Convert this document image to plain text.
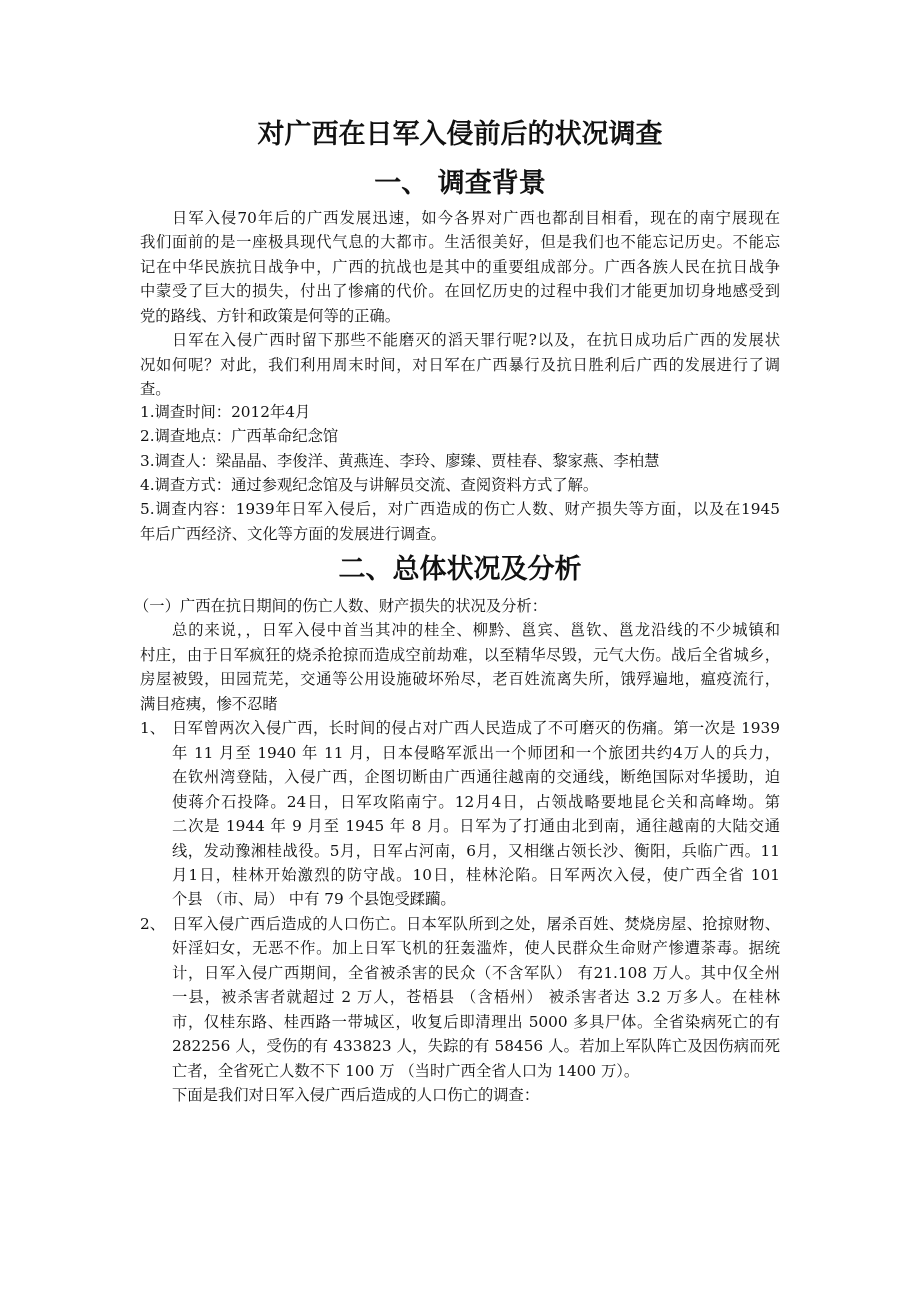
对广西在日军入侵前后的状况调查
一、 调查背景
二、总体状况及分析
日军入侵70年后的广西发展迅速，如今各界对广西也都刮目相看，现在的南宁展现在
我们面前的是一座极具现代气息的大都市。生活很美好，但是我们也不能忘记历史。不能忘
记在中华民族抗日战争中，广西的抗战也是其中的重要组成部分。广西各族人民在抗日战争
中蒙受了巨大的损失，付出了惨痛的代价。在回忆历史的过程中我们才能更加切身地感受到
党的路线、方针和政策是何等的正确。
日军在入侵广西时留下那些不能磨灭的滔天罪行呢?以及，在抗日成功后广西的发展状
况如何呢？对此，我们利用周末时间，对日军在广西暴行及抗日胜利后广西的发展进行了调
查。
1.调查时间：2012年4月
2.调查地点：广西革命纪念馆
3.调查人：梁晶晶、李俊洋、黄燕连、李玲、廖臻、贾桂春、黎家燕、李柏慧
4.调查方式：通过参观纪念馆及与讲解员交流、查阅资料方式了解。
5.调查内容：1939年日军入侵后，对广西造成的伤亡人数、财产损失等方面，以及在1945
年后广西经济、文化等方面的发展进行调查。
（一）广西在抗日期间的伤亡人数、财产损失的状况及分析：
总的来说，，日军入侵中首当其冲的桂全、柳黔、邕宾、邕钦、邕龙沿线的不少城镇和
村庄，由于日军疯狂的烧杀抢掠而造成空前劫难，以至精华尽毁，元气大伤。战后全省城乡，
房屋被毁，田园荒芜，交通等公用设施破坏殆尽，老百姓流离失所，饿殍遍地，瘟疫流行，
满目疮痍，惨不忍睹
1、 日军曾两次入侵广西，长时间的侵占对广西人民造成了不可磨灭的伤痛。第一次是 1939
年 11 月至 1940 年 11 月，日本侵略军派出一个师团和一个旅团共约4万人的兵力，
在钦州湾登陆，入侵广西，企图切断由广西通往越南的交通线，断绝国际对华援助，迫
使蒋介石投降。24日，日军攻陷南宁。12月4日，占领战略要地昆仑关和高峰坳。第
二次是 1944 年 9 月至 1945 年 8 月。日军为了打通由北到南，通往越南的大陆交通
线，发动豫湘桂战役。5月，日军占河南，6月，又相继占领长沙、衡阳，兵临广西。11
月1日，桂林开始激烈的防守战。10日，桂林沦陷。日军两次入侵，使广西全省 101
个县 （市、局） 中有 79 个县饱受蹂躏。
2、 日军入侵广西后造成的人口伤亡。日本军队所到之处，屠杀百姓、焚烧房屋、抢掠财物、
奸淫妇女，无恶不作。加上日军飞机的狂轰滥炸，使人民群众生命财产惨遭荼毒。据统
计，日军入侵广西期间，全省被杀害的民众（不含军队） 有21.108 万人。其中仅全州
一县，被杀害者就超过 2 万人，苍梧县 （含梧州） 被杀害者达 3.2 万多人。在桂林
市，仅桂东路、桂西路一带城区，收复后即清理出 5000 多具尸体。全省染病死亡的有
282256 人，受伤的有 433823 人，失踪的有 58456 人。若加上军队阵亡及因伤病而死
亡者，全省死亡人数不下 100 万 （当时广西全省人口为 1400 万）。
下面是我们对日军入侵广西后造成的人口伤亡的调查：
